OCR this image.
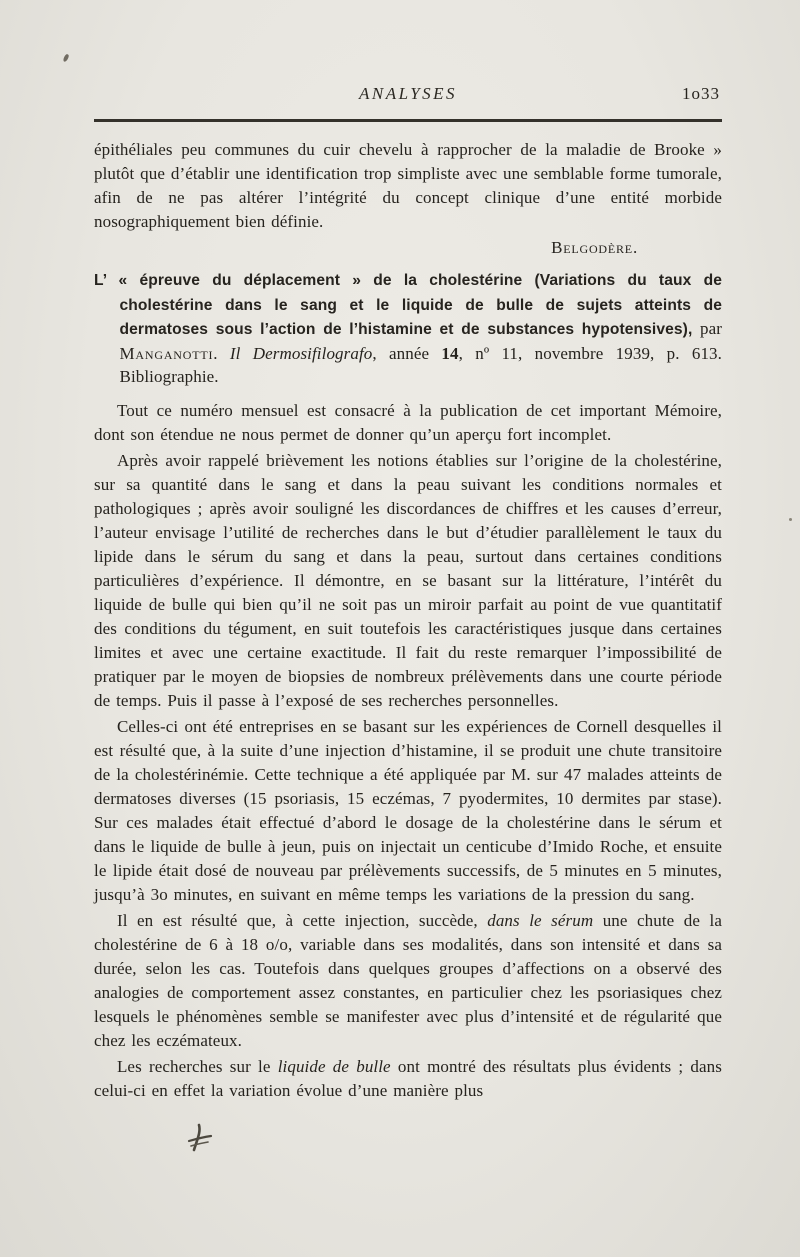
ANALYSES	1o33

épithéliales peu communes du cuir chevelu à rapprocher de la maladie de Brooke » plutôt que d’établir une identification trop simpliste avec une semblable forme tumorale, afin de ne pas altérer l’intégrité du concept clinique d’une entité morbide nosographiquement bien définie.

Belgodère.

L’ « épreuve du déplacement » de la cholestérine (Variations du taux de cholestérine dans le sang et le liquide de bulle de sujets atteints de dermatoses sous l’action de l’histamine et de substances hypotensives), par Manganotti. Il Dermosifilografo, année 14, nº 11, novembre 1939, p. 613. Bibliographie.

Tout ce numéro mensuel est consacré à la publication de cet important Mémoire, dont son étendue ne nous permet de donner qu’un aperçu fort incomplet.

Après avoir rappelé brièvement les notions établies sur l’origine de la cholestérine, sur sa quantité dans le sang et dans la peau suivant les conditions normales et pathologiques ; après avoir souligné les discordances de chiffres et les causes d’erreur, l’auteur envisage l’utilité de recherches dans le but d’étudier parallèlement le taux du lipide dans le sérum du sang et dans la peau, surtout dans certaines conditions particulières d’expérience. Il démontre, en se basant sur la littérature, l’intérêt du liquide de bulle qui bien qu’il ne soit pas un miroir parfait au point de vue quantitatif des conditions du tégument, en suit toutefois les caractéristiques jusque dans certaines limites et avec une certaine exactitude. Il fait du reste remarquer l’impossibilité de pratiquer par le moyen de biopsies de nombreux prélèvements dans une courte période de temps. Puis il passe à l’exposé de ses recherches personnelles.

Celles-ci ont été entreprises en se basant sur les expériences de Cornell desquelles il est résulté que, à la suite d’une injection d’histamine, il se produit une chute transitoire de la cholestérinémie. Cette technique a été appliquée par M. sur 47 malades atteints de dermatoses diverses (15 psoriasis, 15 eczémas, 7 pyodermites, 10 dermites par stase). Sur ces malades était effectué d’abord le dosage de la cholestérine dans le sérum et dans le liquide de bulle à jeun, puis on injectait un centicube d’Imido Roche, et ensuite le lipide était dosé de nouveau par prélèvements successifs, de 5 minutes en 5 minutes, jusqu’à 3o minutes, en suivant en même temps les variations de la pression du sang.

Il en est résulté que, à cette injection, succède, dans le sérum une chute de la cholestérine de 6 à 18 o/o, variable dans ses modalités, dans son intensité et dans sa durée, selon les cas. Toutefois dans quelques groupes d’affections on a observé des analogies de comportement assez constantes, en particulier chez les psoriasiques chez lesquels le phénomènes semble se manifester avec plus d’intensité et de régularité que chez les eczémateux.

Les recherches sur le liquide de bulle ont montré des résultats plus évidents ; dans celui-ci en effet la variation évolue d’une manière plus
